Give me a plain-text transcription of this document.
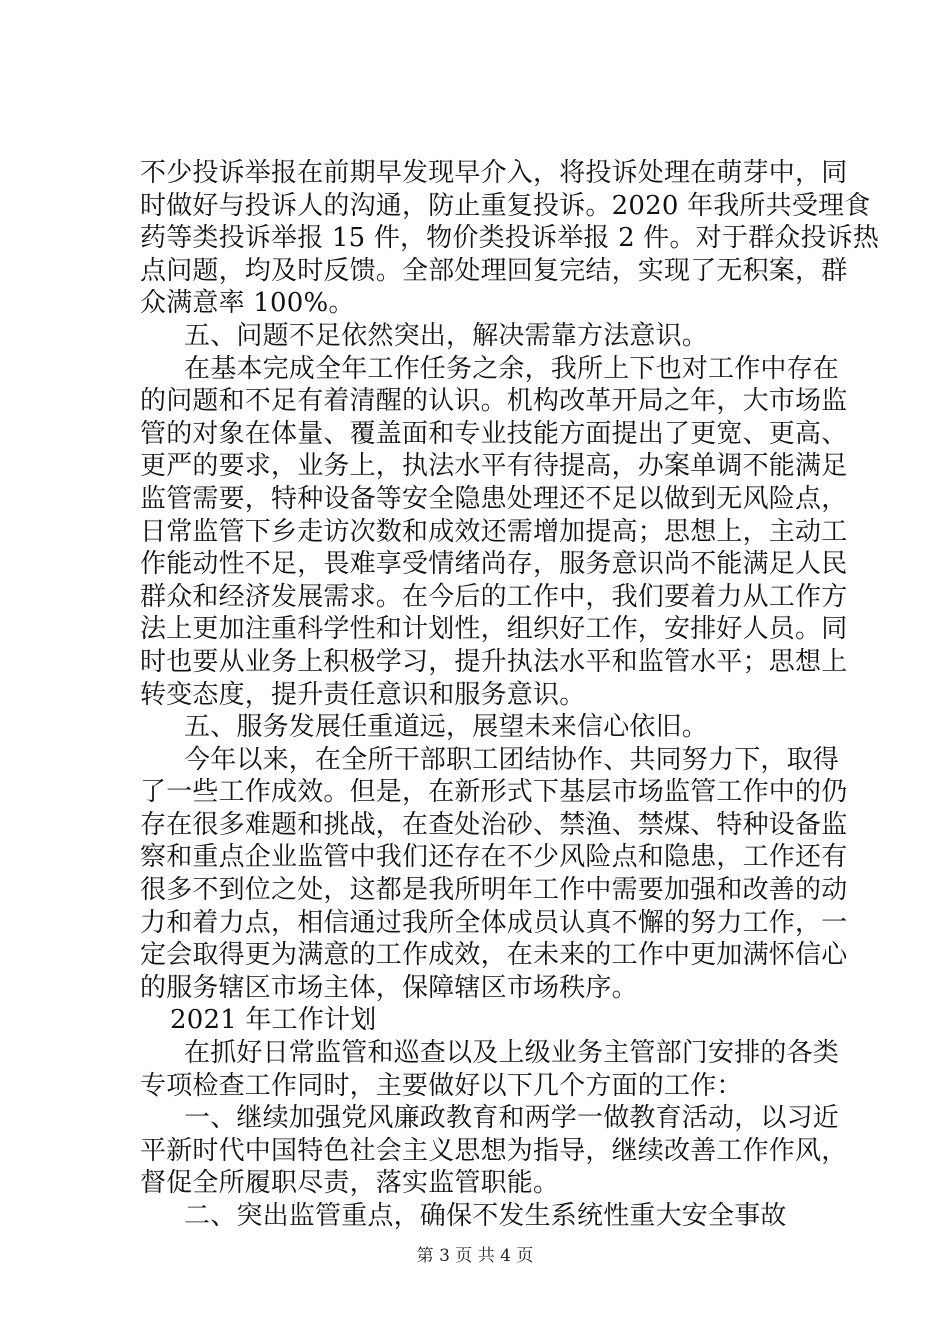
不少投诉举报在前期早发现早介入，将投诉处理在萌芽中，同
时做好与投诉人的沟通，防止重复投诉。2020 年我所共受理食
药等类投诉举报 15 件，物价类投诉举报 2 件。对于群众投诉热
点问题，均及时反馈。全部处理回复完结，实现了无积案，群
众满意率 100%。
五、问题不足依然突出，解决需靠方法意识。
在基本完成全年工作任务之余，我所上下也对工作中存在
的问题和不足有着清醒的认识。机构改革开局之年，大市场监
管的对象在体量、覆盖面和专业技能方面提出了更宽、更高、
更严的要求，业务上，执法水平有待提高，办案单调不能满足
监管需要，特种设备等安全隐患处理还不足以做到无风险点，
日常监管下乡走访次数和成效还需增加提高；思想上，主动工
作能动性不足，畏难享受情绪尚存，服务意识尚不能满足人民
群众和经济发展需求。在今后的工作中，我们要着力从工作方
法上更加注重科学性和计划性，组织好工作，安排好人员。同
时也要从业务上积极学习，提升执法水平和监管水平；思想上
转变态度，提升责任意识和服务意识。
五、服务发展任重道远，展望未来信心依旧。
今年以来，在全所干部职工团结协作、共同努力下，取得
了一些工作成效。但是，在新形式下基层市场监管工作中的仍
存在很多难题和挑战，在查处治砂、禁渔、禁煤、特种设备监
察和重点企业监管中我们还存在不少风险点和隐患，工作还有
很多不到位之处，这都是我所明年工作中需要加强和改善的动
力和着力点，相信通过我所全体成员认真不懈的努力工作，一
定会取得更为满意的工作成效，在未来的工作中更加满怀信心
的服务辖区市场主体，保障辖区市场秩序。
2021 年工作计划
在抓好日常监管和巡查以及上级业务主管部门安排的各类
专项检查工作同时，主要做好以下几个方面的工作：
一、继续加强党风廉政教育和两学一做教育活动，以习近
平新时代中国特色社会主义思想为指导，继续改善工作作风，
督促全所履职尽责，落实监管职能。
二、突出监管重点，确保不发生系统性重大安全事故
第 3 页 共 4 页
